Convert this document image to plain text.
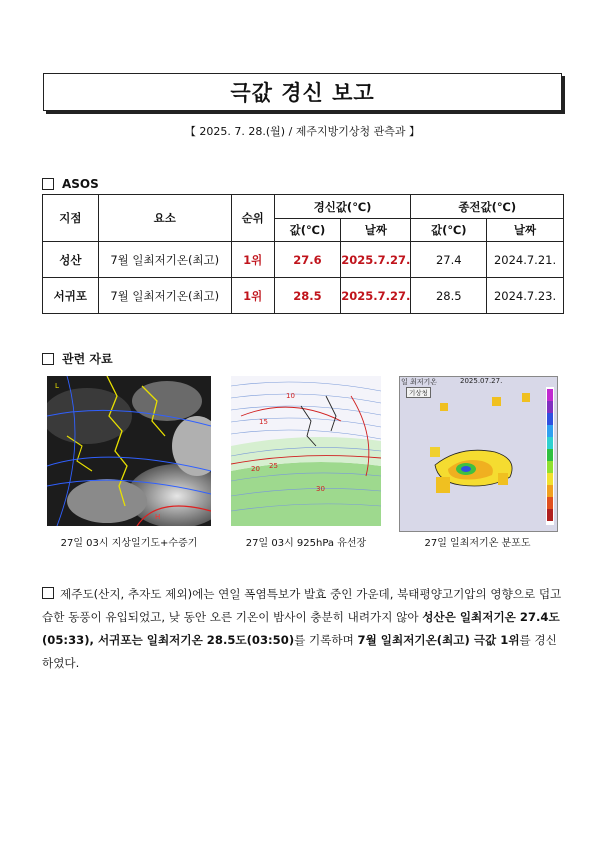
극값 경신 보고
【 2025. 7. 28.(월) / 제주지방기상청 관측과 】
ASOS
지점	요소	순위	경신값(℃)		종전값(℃)	
			값(℃)	날짜	값(℃)	날짜
성산	7월 일최저기온(최고)	1위	27.6	2025.7.27.	27.4	2024.7.21.
서귀포	7월 일최저기온(최고)	1위	28.5	2025.7.27.	28.5	2024.7.23.
관련 자료
L
H
27일 03시 지상일기도+수증기
15
20 25
30
10
27일 03시 925hPa 유선장
일 최저기온	2025.07.27.
기상청
27일 일최저기온 분포도
제주도(산지, 추자도 제외)에는 연일 폭염특보가 발효 중인 가운데, 북태평양고기압의 영향으로 덥고 습한 동풍이 유입되었고, 낮 동안 오른 기온이 밤사이 충분히 내려가지 않아 성산은 일최저기온 27.4도(05:33), 서귀포는 일최저기온 28.5도(03:50)를 기록하며 7월 일최저기온(최고) 극값 1위를 경신하였다.
